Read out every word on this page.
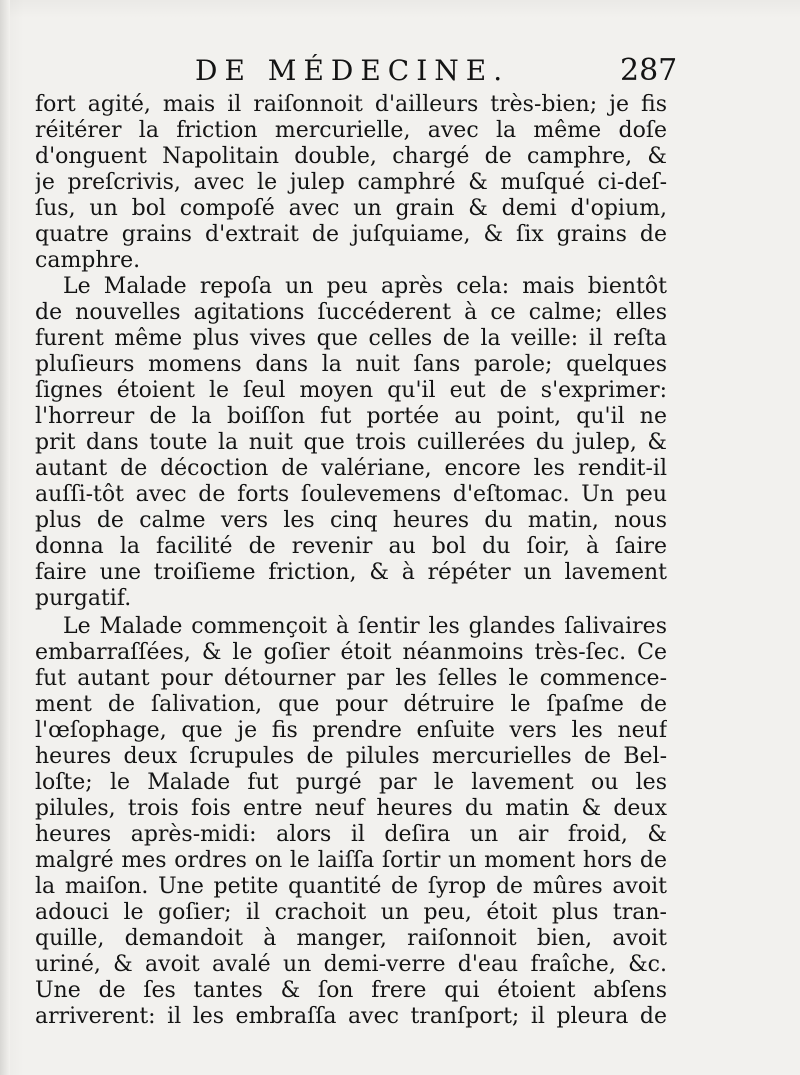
DE MÉDECINE.	287
fort agité, mais il raiſonnoit d'ailleurs très-bien; je fis
réitérer la friction mercurielle, avec la même doſe
d'onguent Napolitain double, chargé de camphre, &
je preſcrivis, avec le julep camphré & muſqué ci-deſ-
ſus, un bol compoſé avec un grain & demi d'opium,
quatre grains d'extrait de juſquiame, & ſix grains de
camphre.
Le Malade repoſa un peu après cela: mais bientôt
de nouvelles agitations ſuccéderent à ce calme; elles
furent même plus vives que celles de la veille: il reſta
pluſieurs momens dans la nuit ſans parole; quelques
ſignes étoient le ſeul moyen qu'il eut de s'exprimer:
l'horreur de la boiſſon fut portée au point, qu'il ne
prit dans toute la nuit que trois cuillerées du julep, &
autant de décoction de valériane, encore les rendit-il
auſſi-tôt avec de forts ſoulevemens d'eſtomac. Un peu
plus de calme vers les cinq heures du matin, nous
donna la facilité de revenir au bol du ſoir, à ſaire
faire une troiſieme friction, & à répéter un lavement
purgatif.
Le Malade commençoit à ſentir les glandes ſalivaires
embarraſſées, & le goſier étoit néanmoins très-ſec. Ce
fut autant pour détourner par les ſelles le commence-
ment de ſalivation, que pour détruire le ſpaſme de
l'œſophage, que je fis prendre enſuite vers les neuf
heures deux ſcrupules de pilules mercurielles de Bel-
loſte; le Malade fut purgé par le lavement ou les
pilules, trois fois entre neuf heures du matin & deux
heures après-midi: alors il deſira un air froid, &
malgré mes ordres on le laiſſa ſortir un moment hors de
la maiſon. Une petite quantité de ſyrop de mûres avoit
adouci le goſier; il crachoit un peu, étoit plus tran-
quille, demandoit à manger, raiſonnoit bien, avoit
uriné, & avoit avalé un demi-verre d'eau fraîche, &c.
Une de ſes tantes & ſon frere qui étoient abſens
arriverent: il les embraſſa avec tranſport; il pleura de
